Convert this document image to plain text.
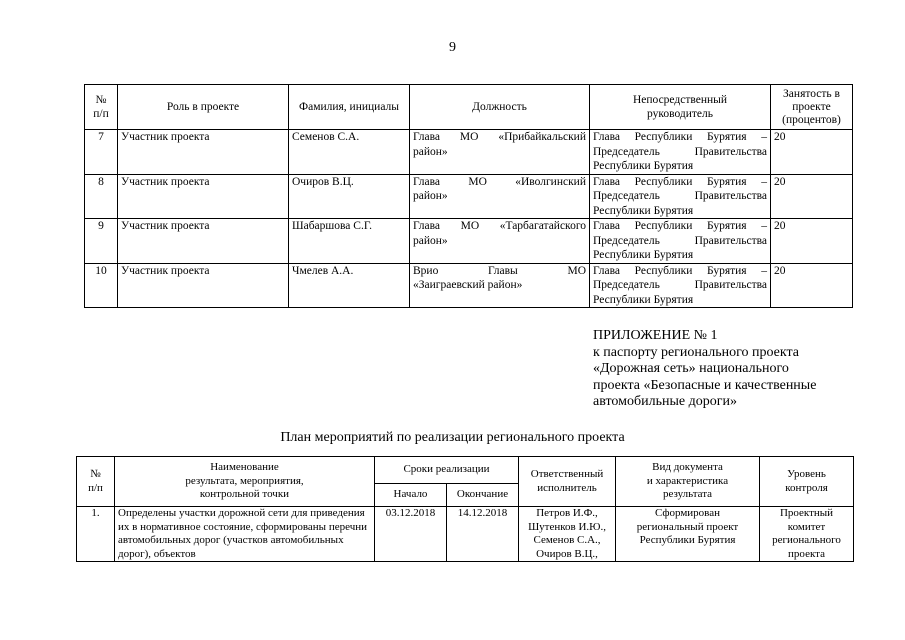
9
№
п/п	Роль в проекте	Фамилия, инициалы	Должность	Непосредственный
руководитель	Занятость в
проекте
(процентов)
7	Участник проекта	Семенов С.А.	Глава МО «Прибайкальский
район»	Глава Республики Бурятия –
Председатель Правительства
Республики Бурятия	20
8	Участник проекта	Очиров В.Ц.	Глава МО «Иволгинский
район»	Глава Республики Бурятия –
Председатель Правительства
Республики Бурятия	20
9	Участник проекта	Шабаршова С.Г.	Глава МО «Тарбагатайского
район»	Глава Республики Бурятия –
Председатель Правительства
Республики Бурятия	20
10	Участник проекта	Чмелев А.А.	Врио Главы МО
«Заиграевский район»	Глава Республики Бурятия –
Председатель Правительства
Республики Бурятия	20
ПРИЛОЖЕНИЕ № 1
к паспорту регионального проекта
«Дорожная сеть» национального
проекта «Безопасные и качественные
автомобильные дороги»
План мероприятий по реализации регионального проекта
№
п/п	Наименование
результата, мероприятия,
контрольной точки	Сроки реализации		Ответственный
исполнитель	Вид документа
и характеристика
результата	Уровень
контроля
		Начало	Окончание			
1.	Определены участки дорожной сети для приведения их в нормативное состояние, сформированы перечни автомобильных дорог (участков автомобильных дорог), объектов	03.12.2018	14.12.2018	Петров И.Ф.,
Шутенков И.Ю.,
Семенов С.А.,
Очиров В.Ц.,	Сформирован
региональный проект
Республики Бурятия	Проектный
комитет
регионального
проекта
